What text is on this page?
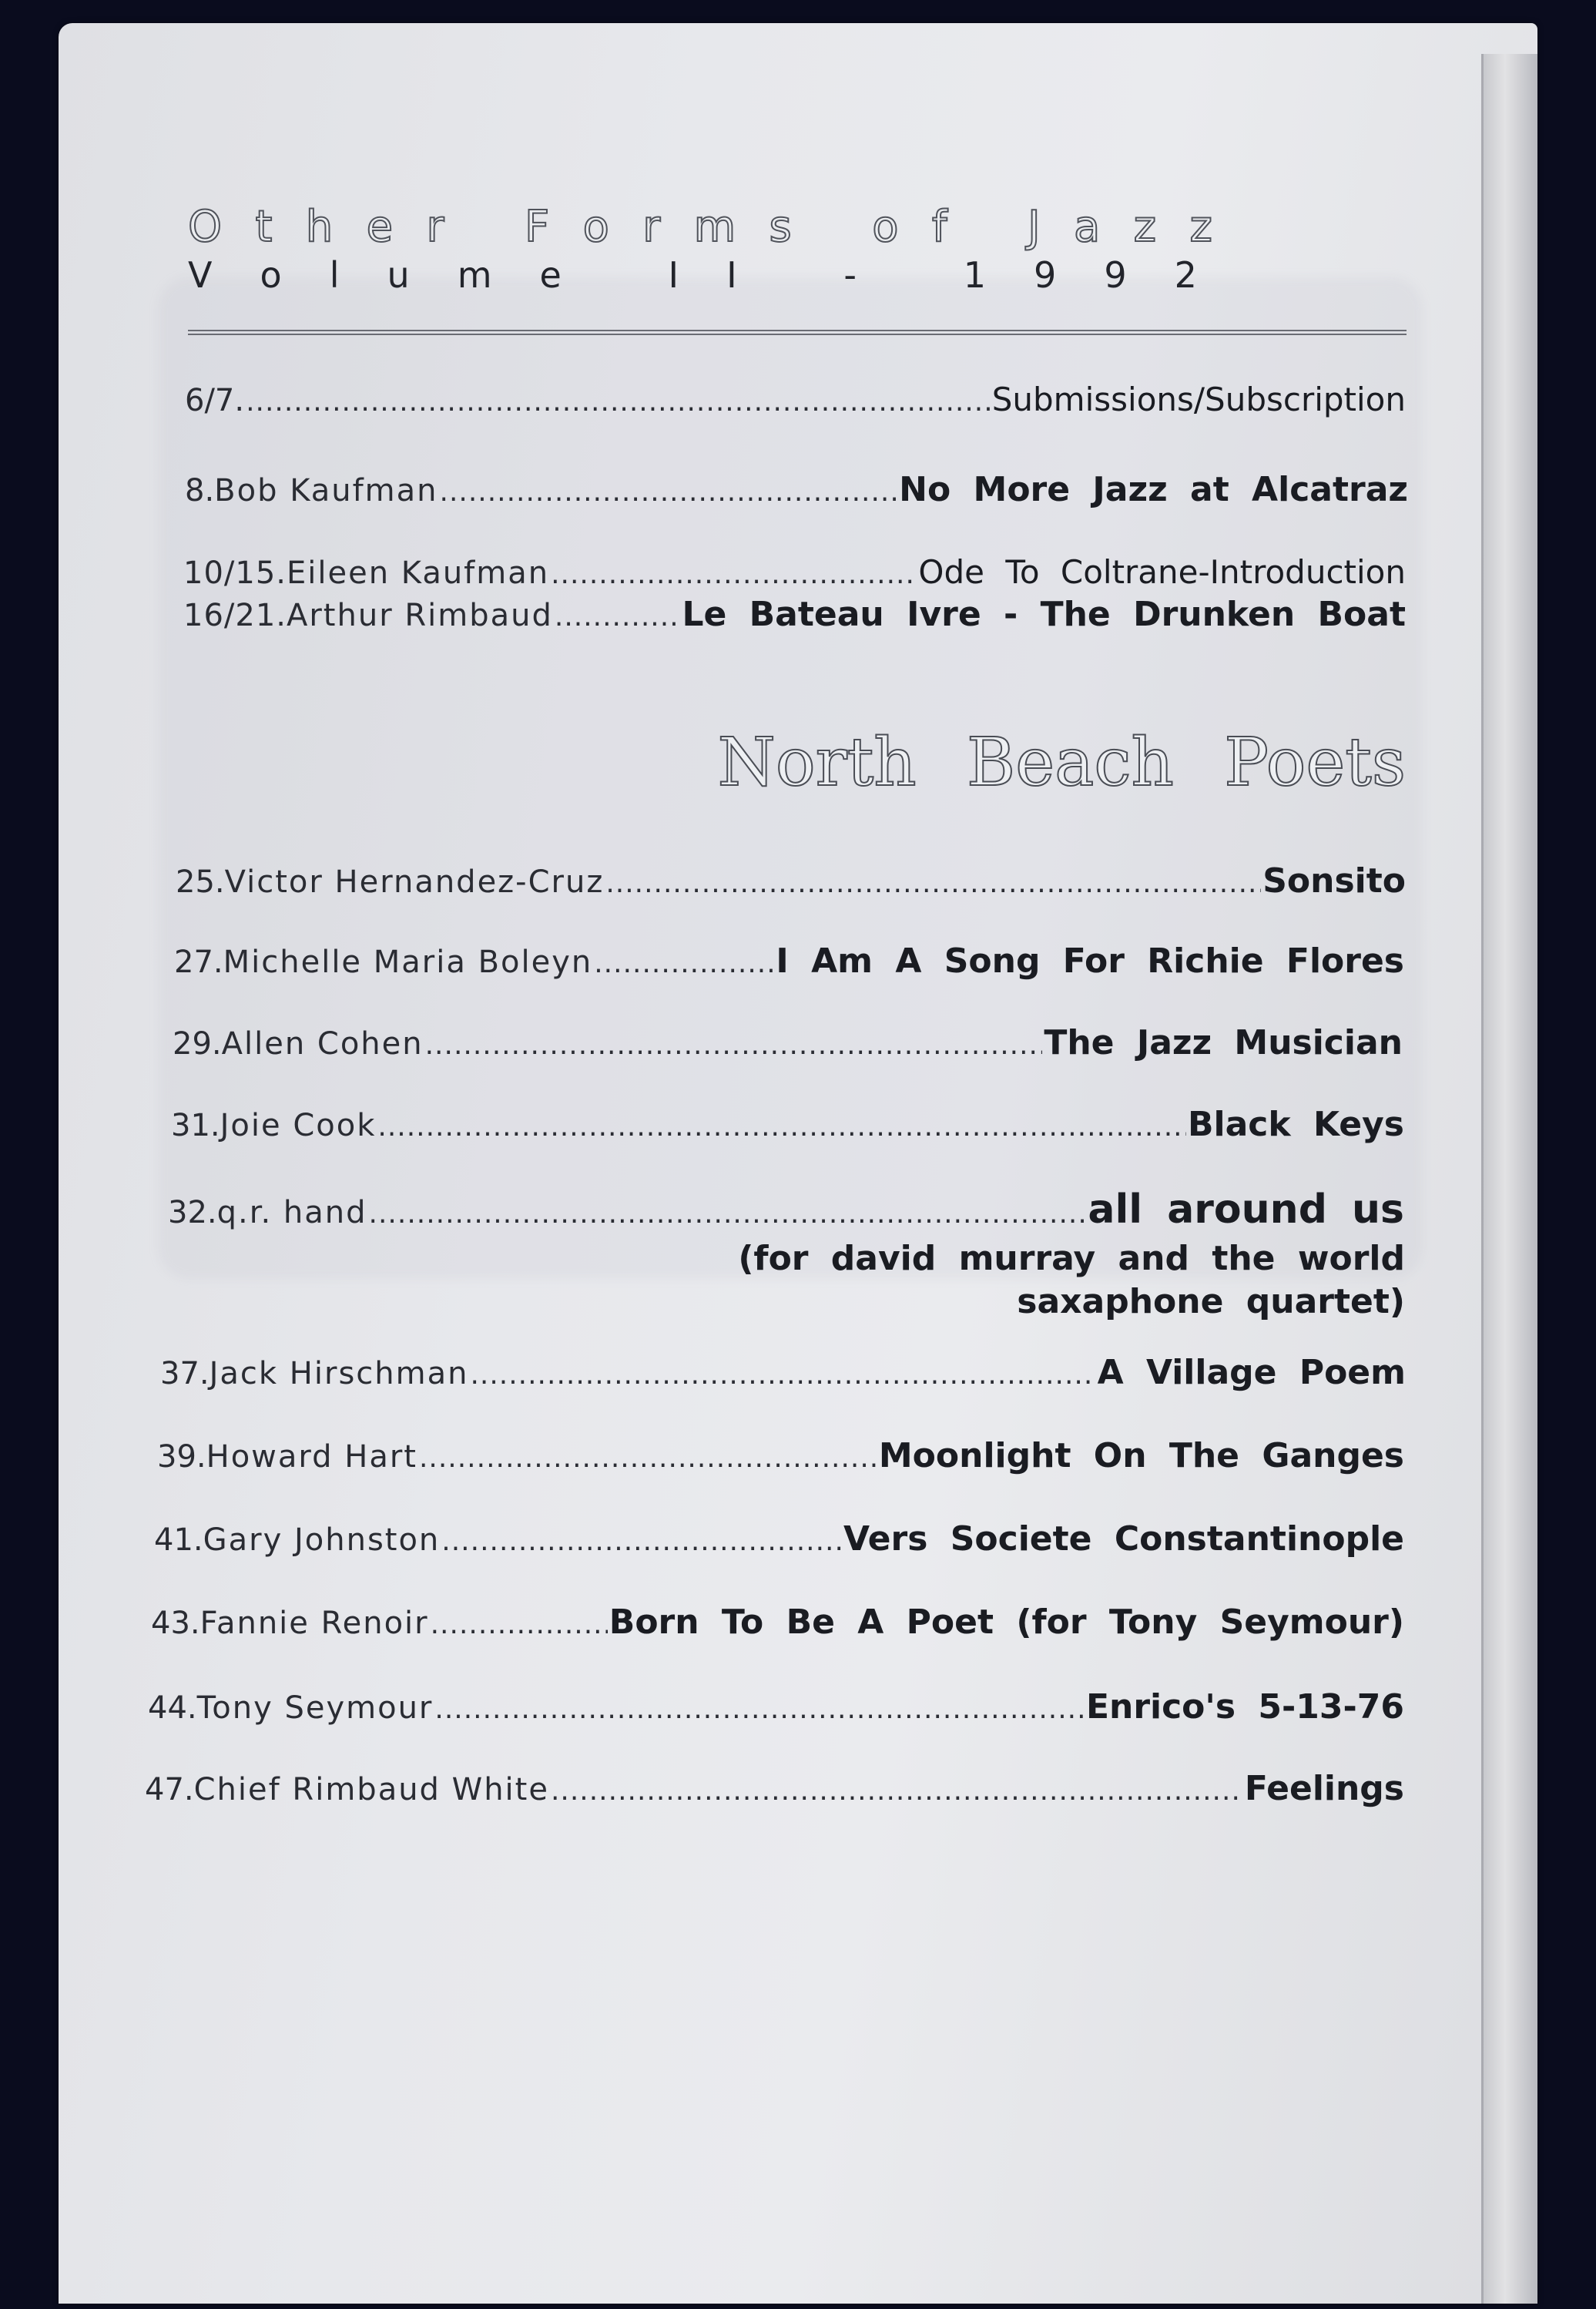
O t h e r
F o r m s
o f
J a z z
V o l u m e
	I I
	-
	1 9 9 2
6/7. .....	Submissions/Subscription
8. Bob Kaufman .....	No More Jazz at Alcatraz
10/15. Eileen Kaufman .....	Ode To Coltrane-Introduction
16/21. Arthur Rimbaud .....	Le Bateau Ivre - The Drunken Boat
North Beach Poets
25. Victor Hernandez-Cruz .....	Sonsito
27. Michelle Maria Boleyn .....	I Am A Song For Richie Flores
29. Allen Cohen .....	The Jazz Musician
31. Joie Cook .....	Black Keys
32. q.r. hand .....	all around us
(for david murray and the world
saxaphone quartet)
37. Jack Hirschman .....	A Village Poem
39. Howard Hart .....	Moonlight On The Ganges
41. Gary Johnston .....	Vers Societe Constantinople
43. Fannie Renoir .....	Born To Be A Poet (for Tony Seymour)
44. Tony Seymour .....	Enrico's 5-13-76
47. Chief Rimbaud White .....	Feelings
